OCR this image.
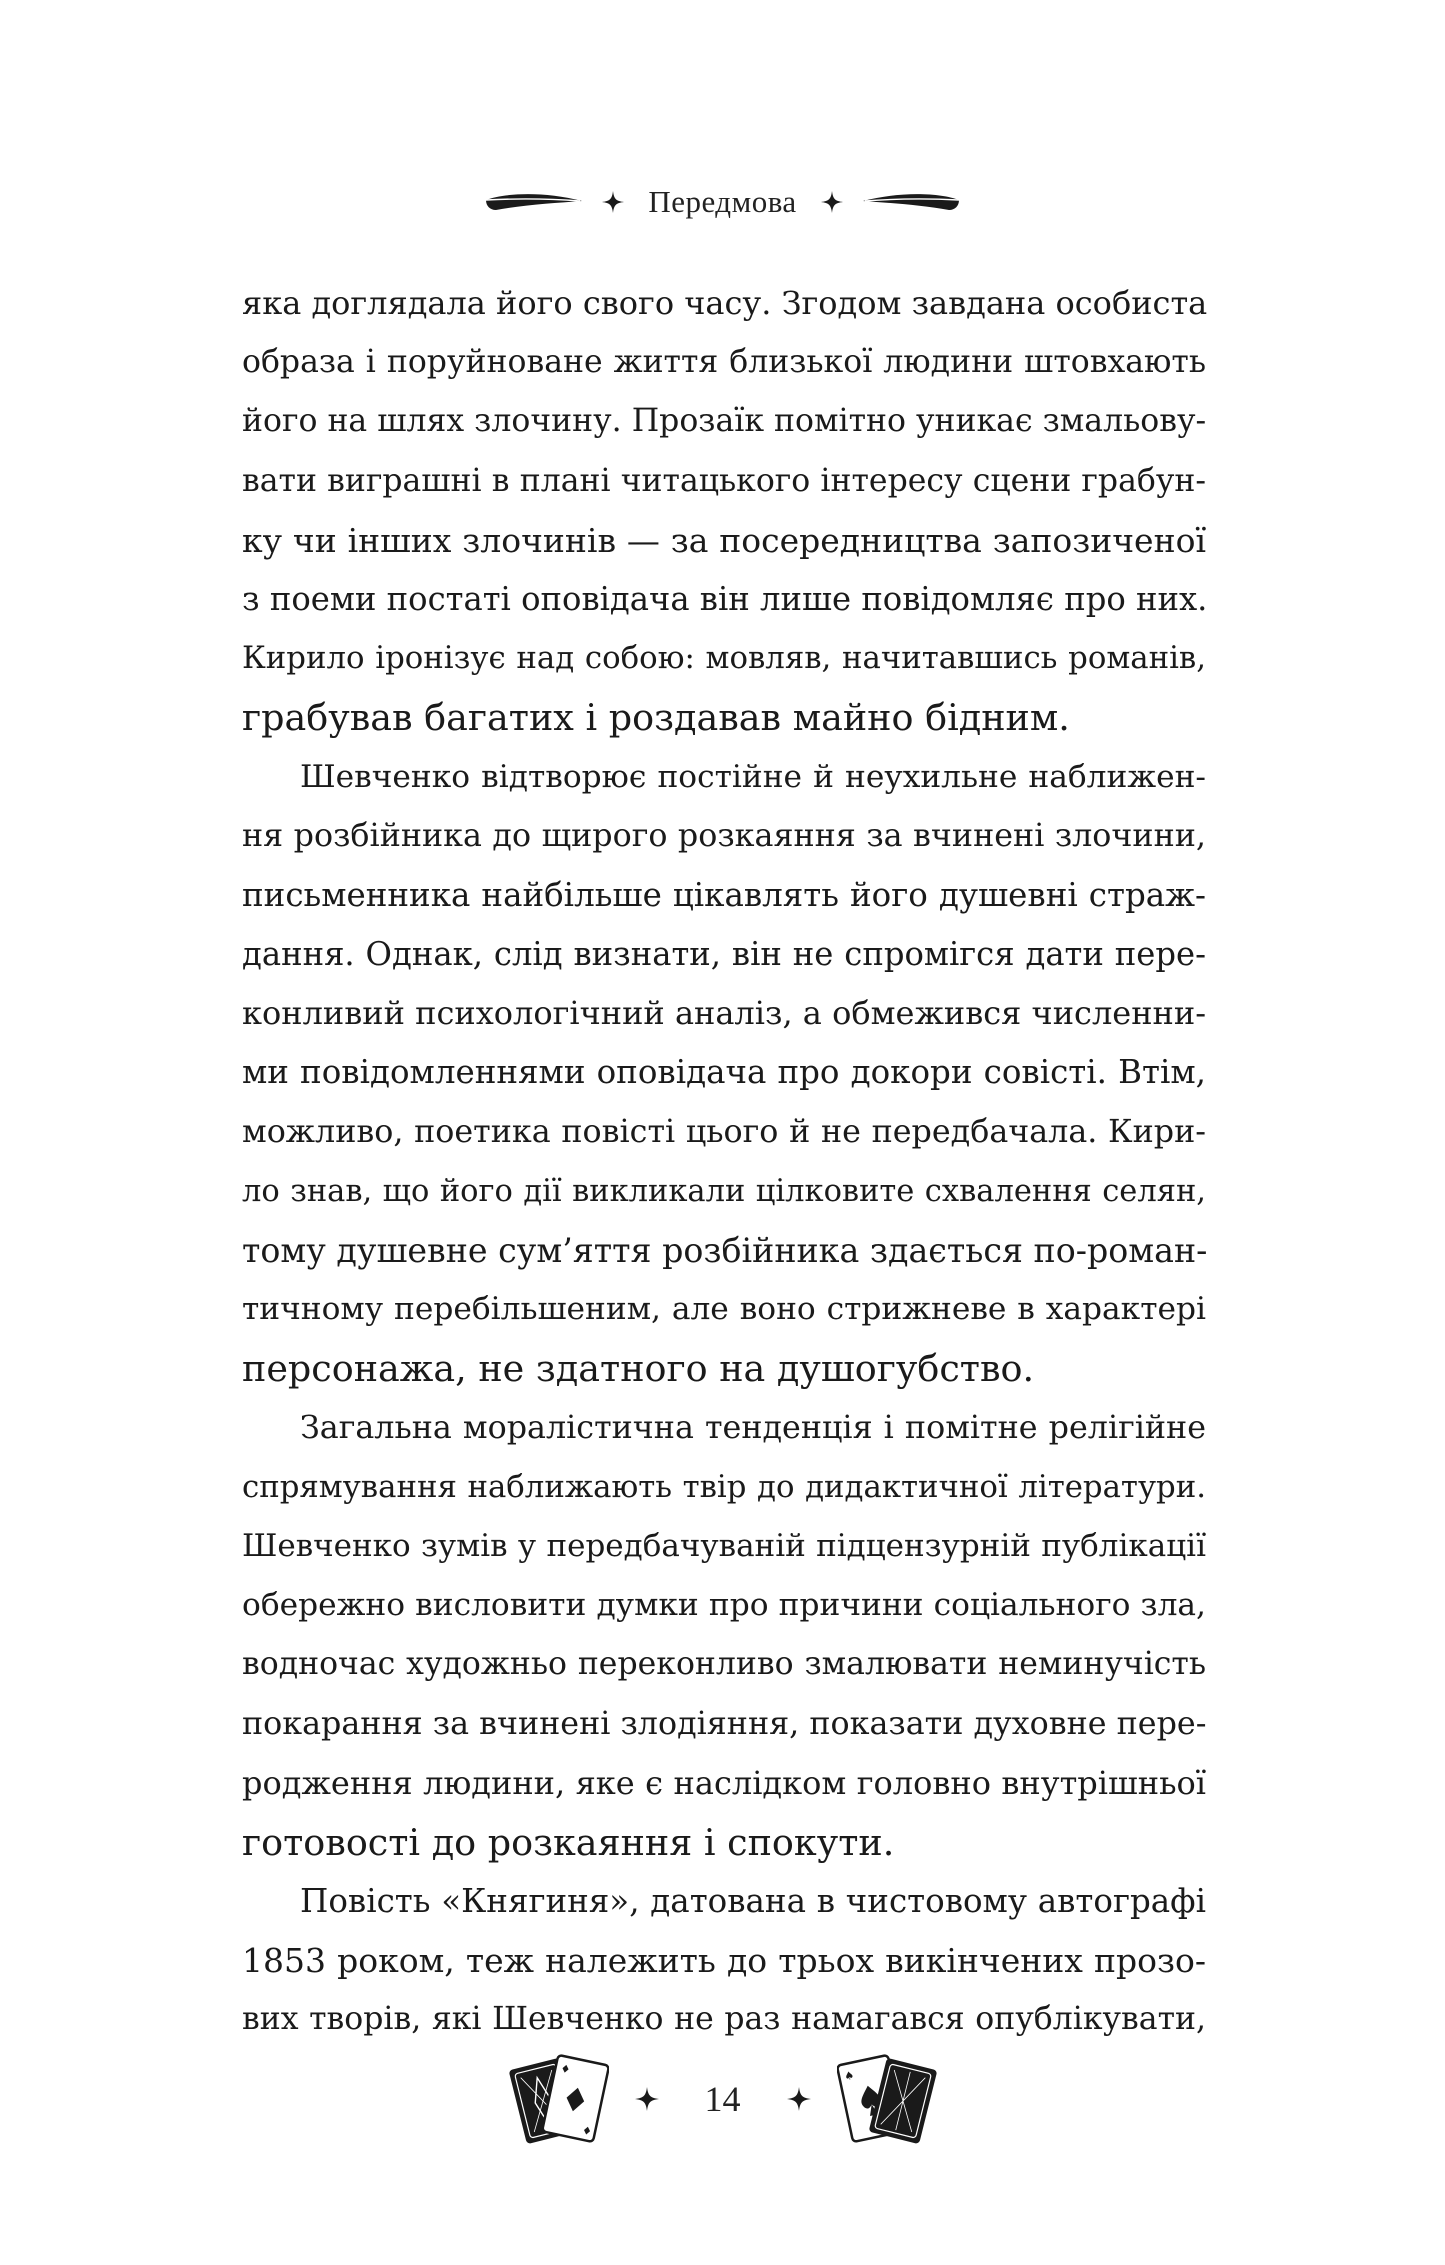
Передмова
яка доглядала його свого часу. Згодом завдана особиста
образа і поруйноване життя близької людини штовхають
його на шлях злочину. Прозаїк помітно уникає змальову-
вати виграшні в плані читацького інтересу сцени грабун-
ку чи інших злочинів — за посередництва запозиченої
з поеми постаті оповідача він лише повідомляє про них.
Кирило іронізує над собою: мовляв, начитавшись романів,
грабував багатих і роздавав майно бідним.
Шевченко відтворює постійне й неухильне наближен-
ня розбійника до щирого розкаяння за вчинені злочини,
письменника найбільше цікавлять його душевні страж-
дання. Однак, слід визнати, він не спромігся дати пере-
конливий психологічний аналіз, а обмежився численни-
ми повідомленнями оповідача про докори совісті. Втім,
можливо, поетика повісті цього й не передбачала. Кири-
ло знав, що його дії викликали цілковите схвалення селян,
тому душевне сум’яття розбійника здається по-роман-
тичному перебільшеним, але воно стрижневе в характері
персонажа, не здатного на душогубство.
Загальна моралістична тенденція і помітне релігійне
спрямування наближають твір до дидактичної літератури.
Шевченко зумів у передбачуваній підцензурній публікації
обережно висловити думки про причини соціального зла,
водночас художньо переконливо змалювати неминучість
покарання за вчинені злодіяння, показати духовне пере-
родження людини, яке є наслідком головно внутрішньої
готовості до розкаяння і спокути.
Повість «Княгиня», датована в чистовому автографі
1853 роком, теж належить до трьох викінчених прозо-
вих творів, які Шевченко не раз намагався опублікувати,
♦
♦
14
♠
